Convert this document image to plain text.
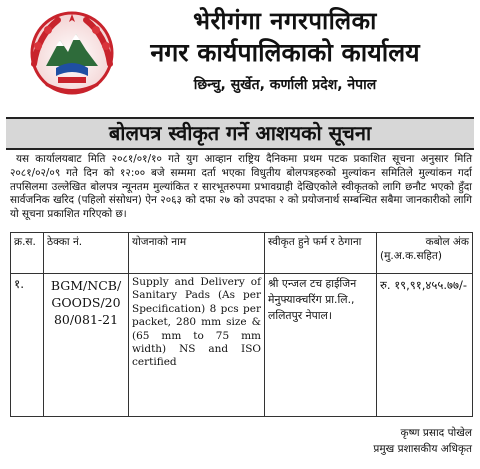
भेरीगंगा नगरपालिका
नगर कार्यपालिकाको कार्यालय
छिन्चु, सुर्खेत, कर्णाली प्रदेश, नेपाल
बोलपत्र स्वीकृत गर्ने आशयको सूचना
यस कार्यालयबाट मिति २०८१/०१/१० गते युग आव्हान राष्ट्रिय दैनिकमा प्रथम पटक प्रकाशित सूचना अनुसार मिति २०८१/०२/०९ गते दिन को १२:०० बजे सम्ममा दर्ता भएका विधुतीय बोलपत्रहरुको मुल्यांकन समितिले मुल्यांकन गर्दा तपसिलमा उल्लेखित बोलपत्र न्यूनतम मुल्यांकित र सारभूतरुपमा प्रभावग्राही देखिएकोले स्वीकृतको लागि छनौट भएको हुँदा सार्वजनिक खरिद (पहिलो संसोधन) ऐन २०६३ को दफा २७ को उपदफा २ को प्रयोजनार्थ सम्बन्धित सबैमा जानकारीको लागि यो सूचना प्रकाशित गरिएको छ।
क्र.स.	ठेक्का नं.	योजनाको नाम	स्वीकृत हुने फर्म र ठेगाना	कबोल अंक
(मु.अ.क.सहित)

१.	BGM/NCB/ GOODS/20 80/081-21	Supply and Delivery of Sanitary Pads (As per Specification) 8 pcs per packet, 280 mm size & (65 mm to 75 mm width) NS and ISO certified	श्री एन्जल टच हाईजिन मेनुफ्याक्चरिंग प्रा.लि., ललितपुर नेपाल।	रु. १९,९१,४५५.७७/-
कृष्ण प्रसाद पोखेल
प्रमुख प्रशासकीय अधिकृत
